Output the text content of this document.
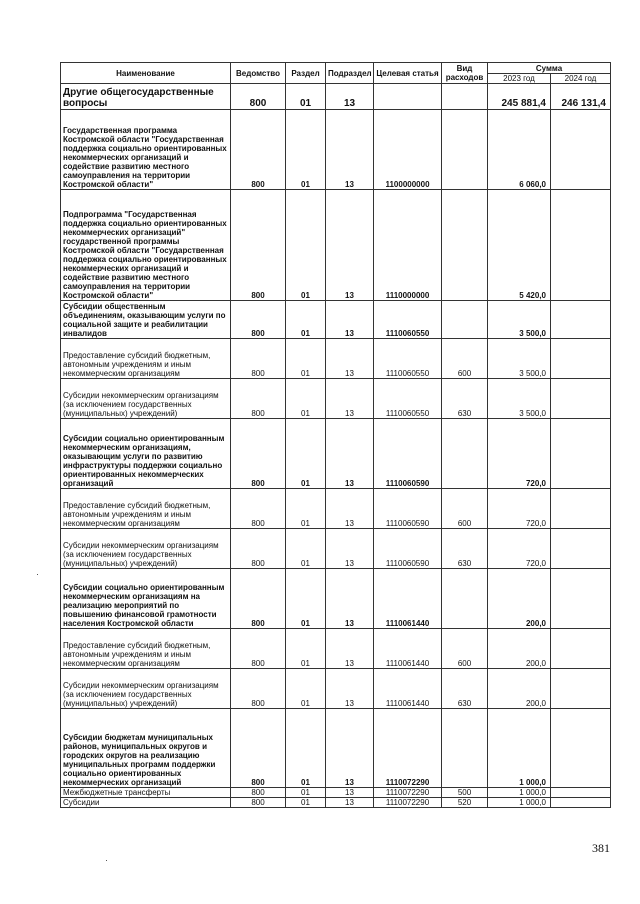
Наименование	Ведомство	Раздел	Подраздел	Целевая статья	Вид расходов	Сумма	
						2023 год	2024 год
Другие общегосударственные вопросы	800	01	13			245 881,4	246 131,4
Государственная программа Костромской области "Государственная поддержка социально ориентированных некоммерческих организаций и содействие развитию местного самоуправления на территории Костромской области"	800	01	13	1100000000		6 060,0	
Подпрограмма "Государственная поддержка социально ориентированных некоммерческих организаций" государственной программы Костромской области "Государственная поддержка социально ориентированных некоммерческих организаций и содействие развитию местного самоуправления на территории Костромской области"	800	01	13	1110000000		5 420,0	
Субсидии общественным объединениям, оказывающим услуги по социальной защите и реабилитации инвалидов	800	01	13	1110060550		3 500,0	
Предоставление субсидий бюджетным, автономным учреждениям и иным некоммерческим организациям	800	01	13	1110060550	600	3 500,0	
Субсидии некоммерческим организациям (за исключением государственных (муниципальных) учреждений)	800	01	13	1110060550	630	3 500,0	
Субсидии социально ориентированным некоммерческим организациям, оказывающим услуги по развитию инфраструктуры поддержки социально ориентированных некоммерческих организаций	800	01	13	1110060590		720,0	
Предоставление субсидий бюджетным, автономным учреждениям и иным некоммерческим организациям	800	01	13	1110060590	600	720,0	
Субсидии некоммерческим организациям (за исключением государственных (муниципальных) учреждений)	800	01	13	1110060590	630	720,0	
Субсидии социально ориентированным некоммерческим организациям на реализацию мероприятий по повышению финансовой грамотности населения Костромской области	800	01	13	1110061440		200,0	
Предоставление субсидий бюджетным, автономным учреждениям и иным некоммерческим организациям	800	01	13	1110061440	600	200,0	
Субсидии некоммерческим организациям (за исключением государственных (муниципальных) учреждений)	800	01	13	1110061440	630	200,0	
Субсидии бюджетам муниципальных районов, муниципальных округов и городских округов на реализацию муниципальных программ поддержки социально ориентированных некоммерческих организаций	800	01	13	1110072290		1 000,0	
Межбюджетные трансферты	800	01	13	1110072290	500	1 000,0	
Субсидии	800	01	13	1110072290	520	1 000,0	
381
